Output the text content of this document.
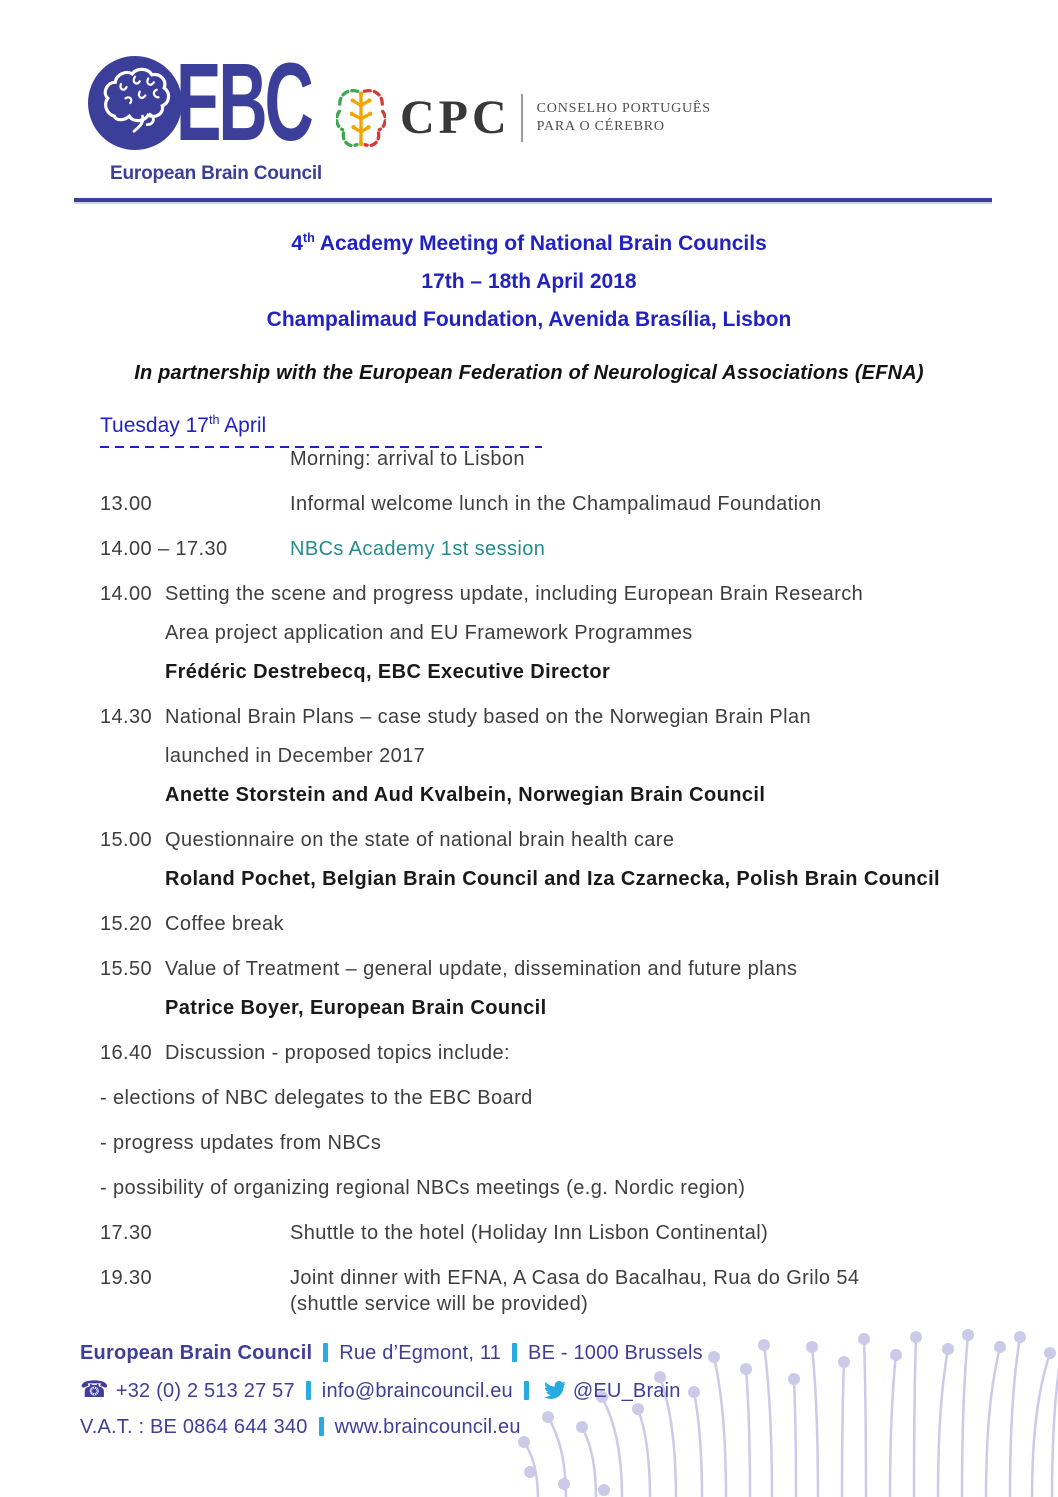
EBC
European Brain Council
CPC CONSELHO PORTUGUÊS
PARA O CÉREBRO
4th Academy Meeting of National Brain Councils
17th – 18th April 2018
Champalimaud Foundation, Avenida Brasília, Lisbon
In partnership with the European Federation of Neurological Associations (EFNA)
Tuesday 17th April
Morning: arrival to Lisbon
13.00	Informal welcome lunch in the Champalimaud Foundation
14.00 – 17.30	NBCs Academy 1st session
14.00 Setting the scene and progress update, including European Brain Research
Area project application and EU Framework Programmes
Frédéric Destrebecq, EBC Executive Director
14.30 National Brain Plans – case study based on the Norwegian Brain Plan
launched in December 2017
Anette Storstein and Aud Kvalbein, Norwegian Brain Council
15.00 Questionnaire on the state of national brain health care
Roland Pochet, Belgian Brain Council and Iza Czarnecka, Polish Brain Council
15.20 Coffee break
15.50 Value of Treatment – general update, dissemination and future plans
Patrice Boyer, European Brain Council
16.40 Discussion - proposed topics include:
- elections of NBC delegates to the EBC Board
- progress updates from NBCs
- possibility of organizing regional NBCs meetings (e.g. Nordic region)
17.30	Shuttle to the hotel (Holiday Inn Lisbon Continental)
19.30	Joint dinner with EFNA, A Casa do Bacalhau, Rua do Grilo 54
(shuttle service will be provided)
European Brain Council Rue d’Egmont, 11 BE - 1000 Brussels
☎ +32 (0) 2 513 27 57 info@braincouncil.eu	@EU_Brain
V.A.T. : BE 0864 644 340 www.braincouncil.eu
